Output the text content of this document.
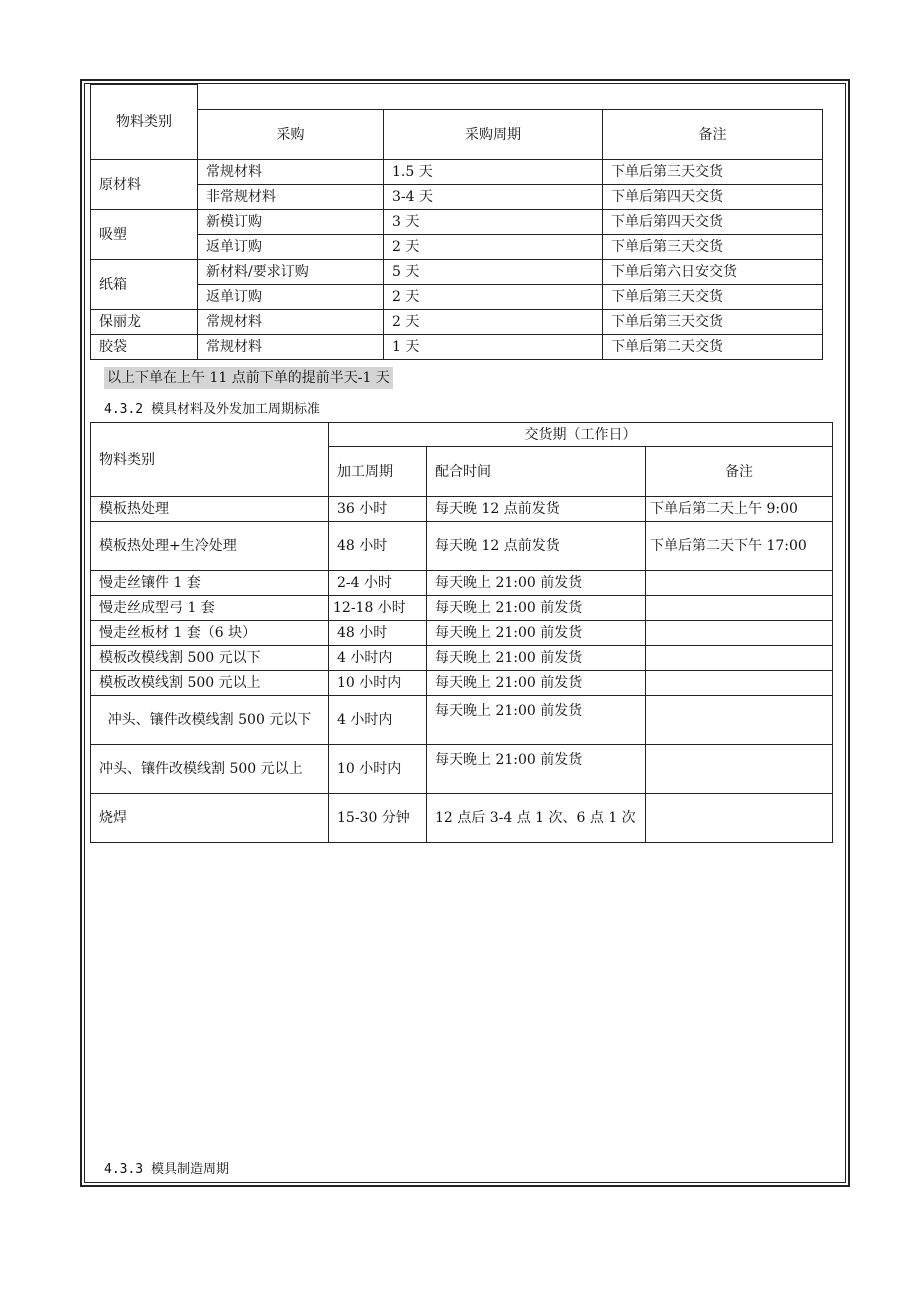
物料类别			
	采购	采购周期	备注
原材料	常规材料	1.5 天	下单后第三天交货
	非常规材料	3-4 天	下单后第四天交货
吸塑	新模订购	3 天	下单后第四天交货
	返单订购	2 天	下单后第三天交货
纸箱	新材料/要求订购	5 天	下单后第六日安交货
	返单订购	2 天	下单后第三天交货
保丽龙	常规材料	2 天	下单后第三天交货
胶袋	常规材料	1 天	下单后第二天交货
以上下单在上午 11 点前下单的提前半天-1 天
4.3.2 模具材料及外发加工周期标准
物料类别	交货期（工作日）		
	加工周期	配合时间	备注
模板热处理	36 小时	每天晚 12 点前发货	下单后第二天上午 9:00
模板热处理+生冷处理	48 小时	每天晚 12 点前发货	下单后第二天下午 17:00
慢走丝镶件 1 套	2-4 小时	每天晚上 21:00 前发货	
慢走丝成型弓 1 套	12-18 小时	每天晚上 21:00 前发货	
慢走丝板材 1 套（6 块）	48 小时	每天晚上 21:00 前发货	
模板改模线割 500 元以下	4 小时内	每天晚上 21:00 前发货	
模板改模线割 500 元以上	10 小时内	每天晚上 21:00 前发货	
冲头、镶件改模线割 500 元以下	4 小时内	每天晚上 21:00 前发货	
冲头、镶件改模线割 500 元以上	10 小时内	每天晚上 21:00 前发货	
烧焊	15-30 分钟	12 点后 3-4 点 1 次、6 点 1 次	
4.3.3 模具制造周期
